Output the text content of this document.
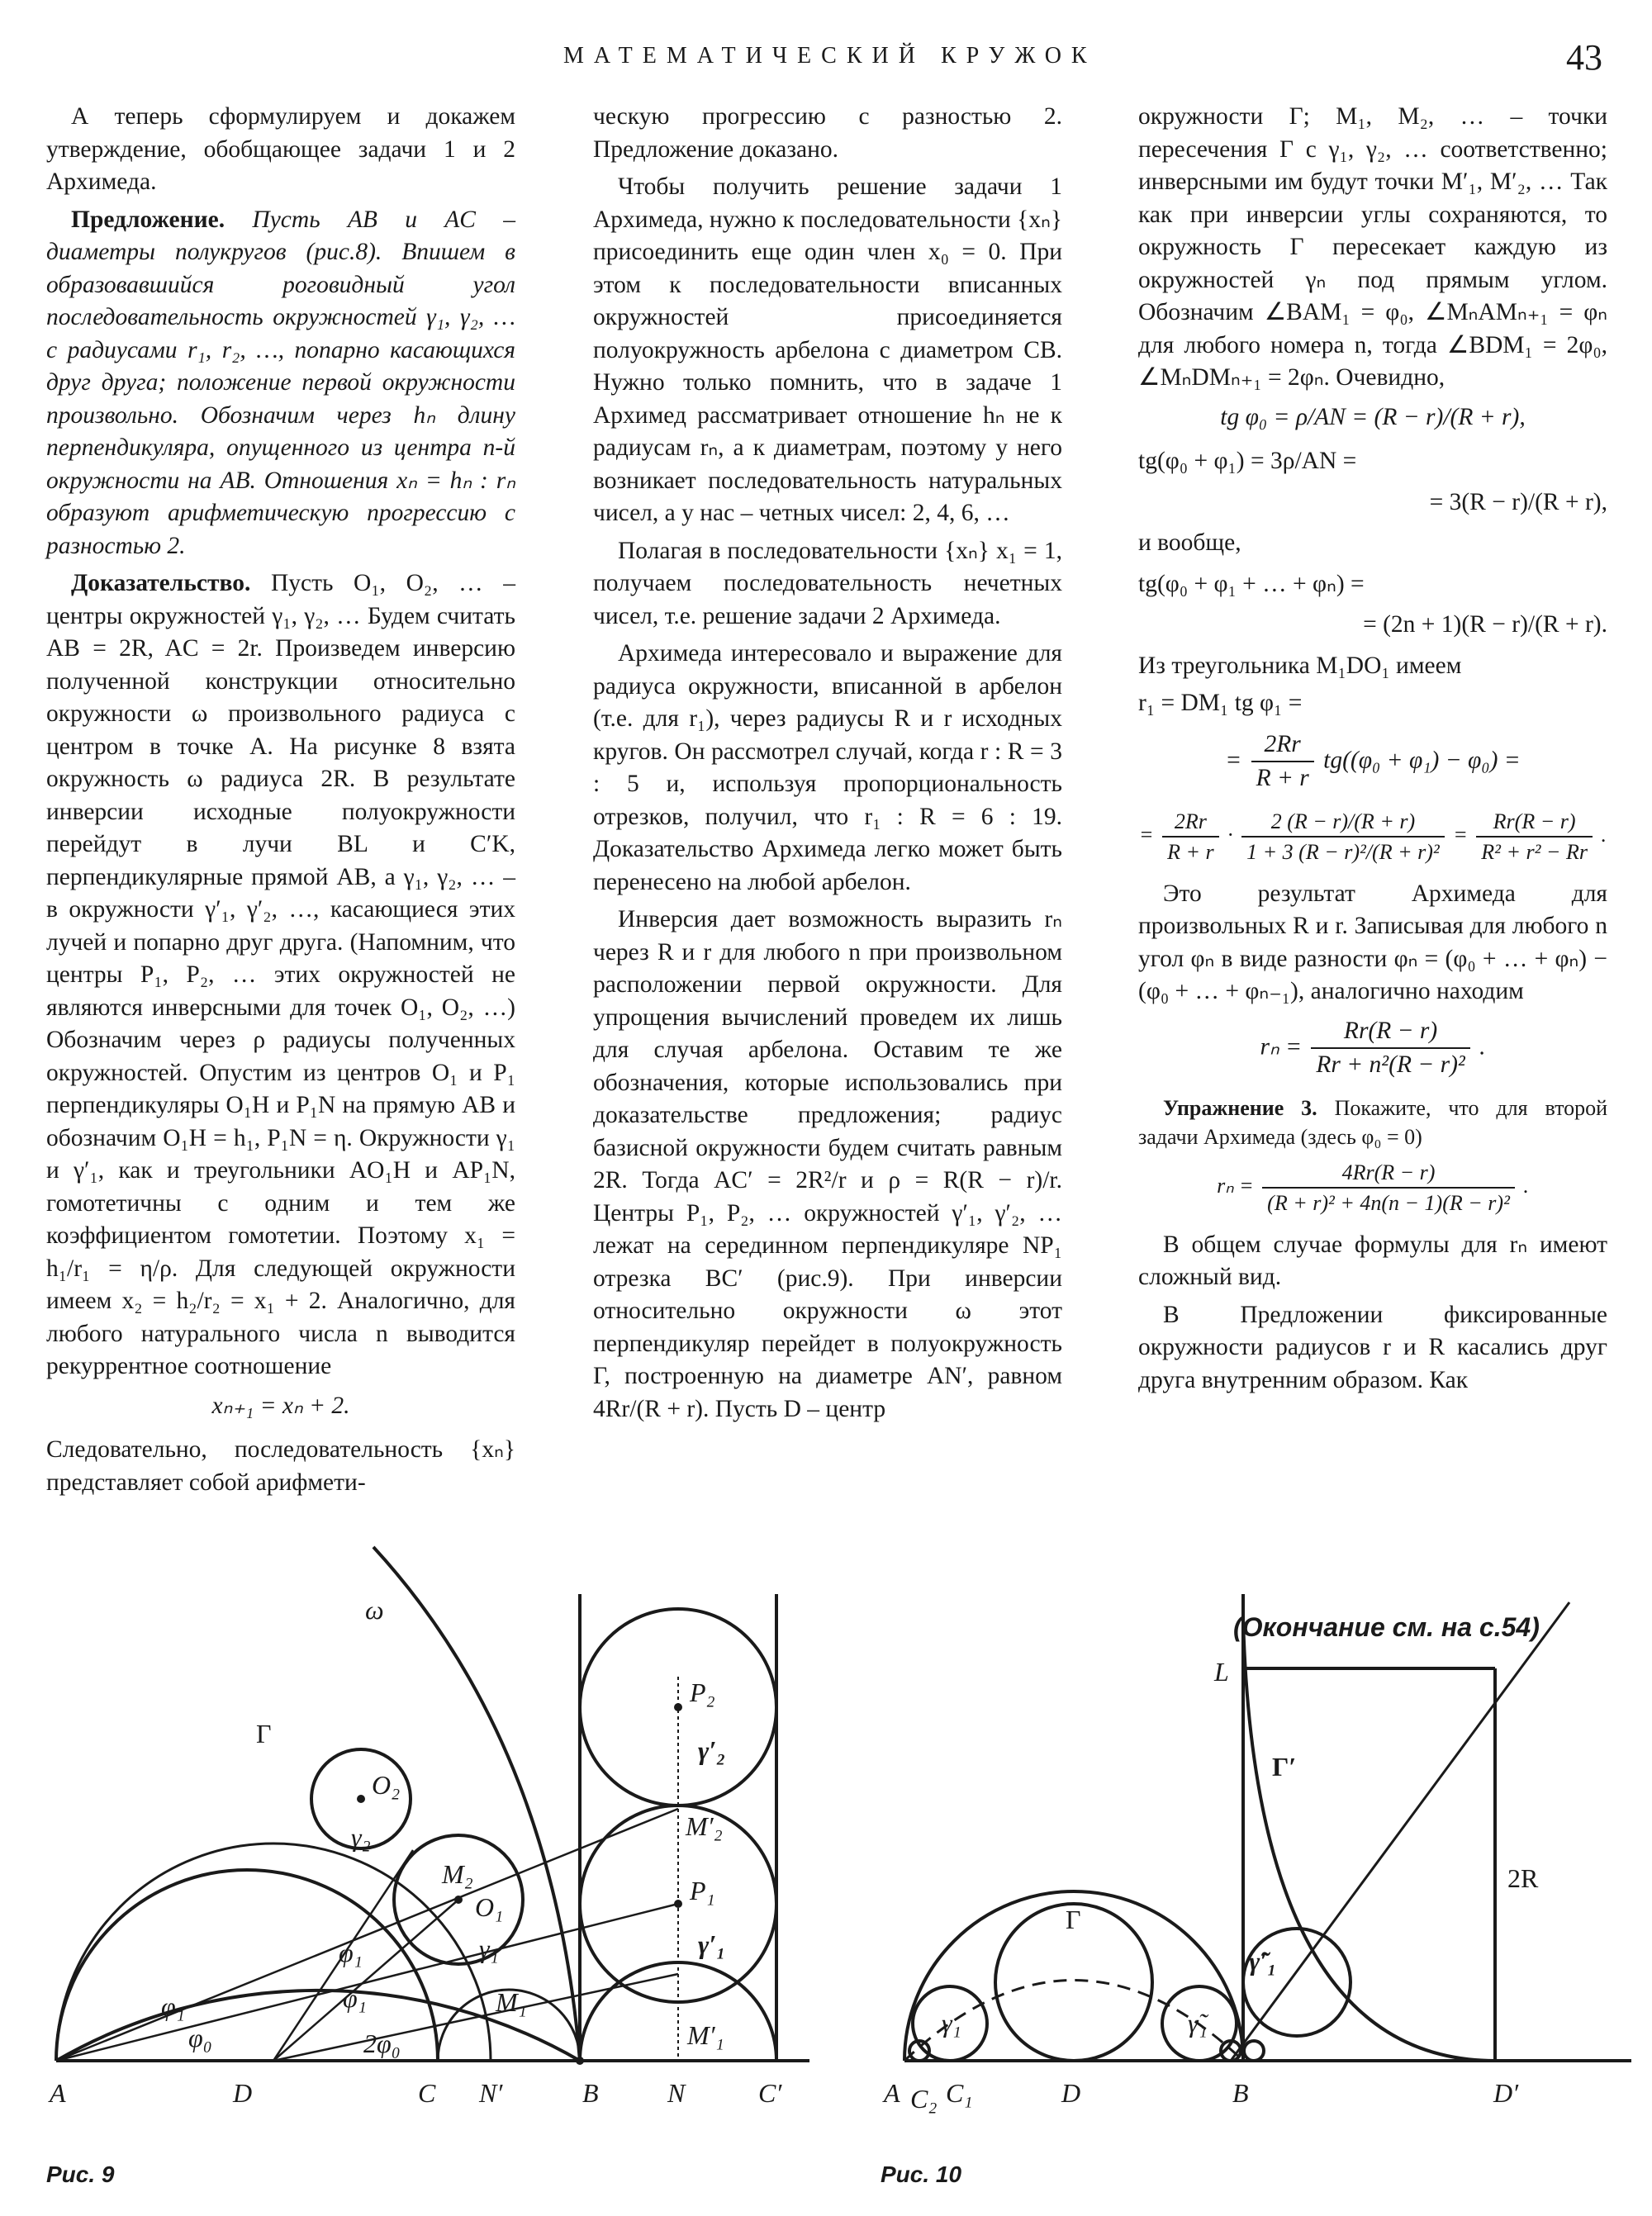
МАТЕМАТИЧЕСКИЙ КРУЖОК	43

А теперь сформулируем и докажем утверждение, обобщающее задачи 1 и 2 Архимеда.

Предложение. Пусть AB и AC – диаметры полукругов (рис.8). Впишем в образовавшийся роговидный угол последовательность окружностей γ₁, γ₂, … с радиусами r₁, r₂, …, попарно касающихся друг друга; положение первой окружности произвольно. Обозначим через hₙ длину перпендикуляра, опущенного из центра n-й окружности на AB. Отношения xₙ = hₙ : rₙ образуют арифметическую прогрессию с разностью 2.

Доказательство. Пусть O₁, O₂, … – центры окружностей γ₁, γ₂, … Будем считать AB = 2R, AC = 2r. Произведем инверсию полученной конструкции относительно окружности ω произвольного радиуса с центром в точке A. На рисунке 8 взята окружность ω радиуса 2R. В результате инверсии исходные полуокружности перейдут в лучи BL и C′K, перпендикулярные прямой AB, а γ₁, γ₂, … – в окружности γ′₁, γ′₂, …, касающиеся этих лучей и попарно друг друга. (Напомним, что центры P₁, P₂, … этих окружностей не являются инверсными для точек O₁, O₂, …) Обозначим через ρ радиусы полученных окружностей. Опустим из центров O₁ и P₁ перпендикуляры O₁H и P₁N на прямую AB и обозначим O₁H = h₁, P₁N = η. Окружности γ₁ и γ′₁, как и треугольники AO₁H и AP₁N, гомотетичны с одним и тем же коэффициентом гомотетии. Поэтому x₁ = h₁/r₁ = η/ρ. Для следующей окружности имеем x₂ = h₂/r₂ = x₁ + 2. Аналогично, для любого натурального числа n выводится рекуррентное соотношение

xₙ₊₁ = xₙ + 2.

Следовательно, последовательность {xₙ} представляет собой арифмети-

ческую прогрессию с разностью 2. Предложение доказано.

Чтобы получить решение задачи 1 Архимеда, нужно к последовательности {xₙ} присоединить еще один член x₀ = 0. При этом к последовательности вписанных окружностей присоединяется полуокружность арбелона с диаметром CB. Нужно только помнить, что в задаче 1 Архимед рассматривает отношение hₙ не к радиусам rₙ, а к диаметрам, поэтому у него возникает последовательность натуральных чисел, а у нас – четных чисел: 2, 4, 6, …

Полагая в последовательности {xₙ} x₁ = 1, получаем последовательность нечетных чисел, т.е. решение задачи 2 Архимеда.

Архимеда интересовало и выражение для радиуса окружности, вписанной в арбелон (т.е. для r₁), через радиусы R и r исходных кругов. Он рассмотрел случай, когда r : R = 3 : 5 и, используя пропорциональность отрезков, получил, что r₁ : R = 6 : 19. Доказательство Архимеда легко может быть перенесено на любой арбелон.

Инверсия дает возможность выразить rₙ через R и r для любого n при произвольном расположении первой окружности. Для упрощения вычислений проведем их лишь для случая арбелона. Оставим те же обозначения, которые использовались при доказательстве предложения; радиус базисной окружности будем считать равным 2R. Тогда AC′ = 2R²/r и ρ = R(R − r)/r. Центры P₁, P₂, … окружностей γ′₁, γ′₂, … лежат на серединном перпендикуляре NP₁ отрезка BC′ (рис.9). При инверсии относительно окружности ω этот перпендикуляр перейдет в полуокружность Γ, построенную на диаметре AN′, равном 4Rr/(R + r). Пусть D – центр

окружности Γ; M₁, M₂, … – точки пересечения Γ с γ₁, γ₂, … соответственно; инверсными им будут точки M′₁, M′₂, … Так как при инверсии углы сохраняются, то окружность Γ пересекает каждую из окружностей γₙ под прямым углом. Обозначим ∠BAM₁ = φ₀, ∠MₙAMₙ₊₁ = φₙ для любого номера n, тогда ∠BDM₁ = 2φ₀, ∠MₙDMₙ₊₁ = 2φₙ. Очевидно,

tg φ₀ = ρ/AN = (R − r)/(R + r),
tg(φ₀ + φ₁) = 3ρ/AN =
= 3(R − r)/(R + r),
и вообще,
tg(φ₀ + φ₁ + … + φₙ) =
= (2n + 1)(R − r)/(R + r).

Из треугольника M₁DO₁ имеем

r₁ = DM₁ tg φ₁ =
= $\frac{2Rr}{R + r} tg((\varphi_0 + \varphi_1) - \varphi_0)$ =
= $\frac{2Rr}{R + r} \cdot \frac{2 (R - r)/(R + r)}{\text{1 + 3 (R − r)²/(R + r)²}} = \frac{Rr(R - r)}{\text{R² + r² − Rr}}$ .

Это результат Архимеда для произвольных R и r. Записывая для любого n угол φₙ в виде разности φₙ = (φ₀ + … + φₙ) − (φ₀ + … + φₙ₋₁), аналогично находим

$r_n = \frac{Rr(R - r)}{\text{Rr + n²(R − r)²}}$ .

Упражнение 3. Покажите, что для второй задачи Архимеда (здесь φ₀ = 0)

$r_n = \frac{4Rr(R - r)}{\text{(R + r)² + 4n(n − 1)(R − r)²}}$ .

В общем случае формулы для rₙ имеют сложный вид.

В Предложении фиксированные окружности радиусов r и R касались друг друга внутренним образом. Как

(Окончание см. на с.54)
ω
Γ
O₂
γ₂
M₂
O₁
γ₁
M₁
φ₁
φ₁
φ₁
φ₀	2φ₀
A	D	C N′	B	N	C′
P₂
γ′₂
M′₂
P₁
γ′₁
M′₁
Рис. 9
L
Γ′
2R
Γ
γ₁	γ̃₁
γ̃′₁
A C₂ C₁	D	B	D′
Рис. 10
